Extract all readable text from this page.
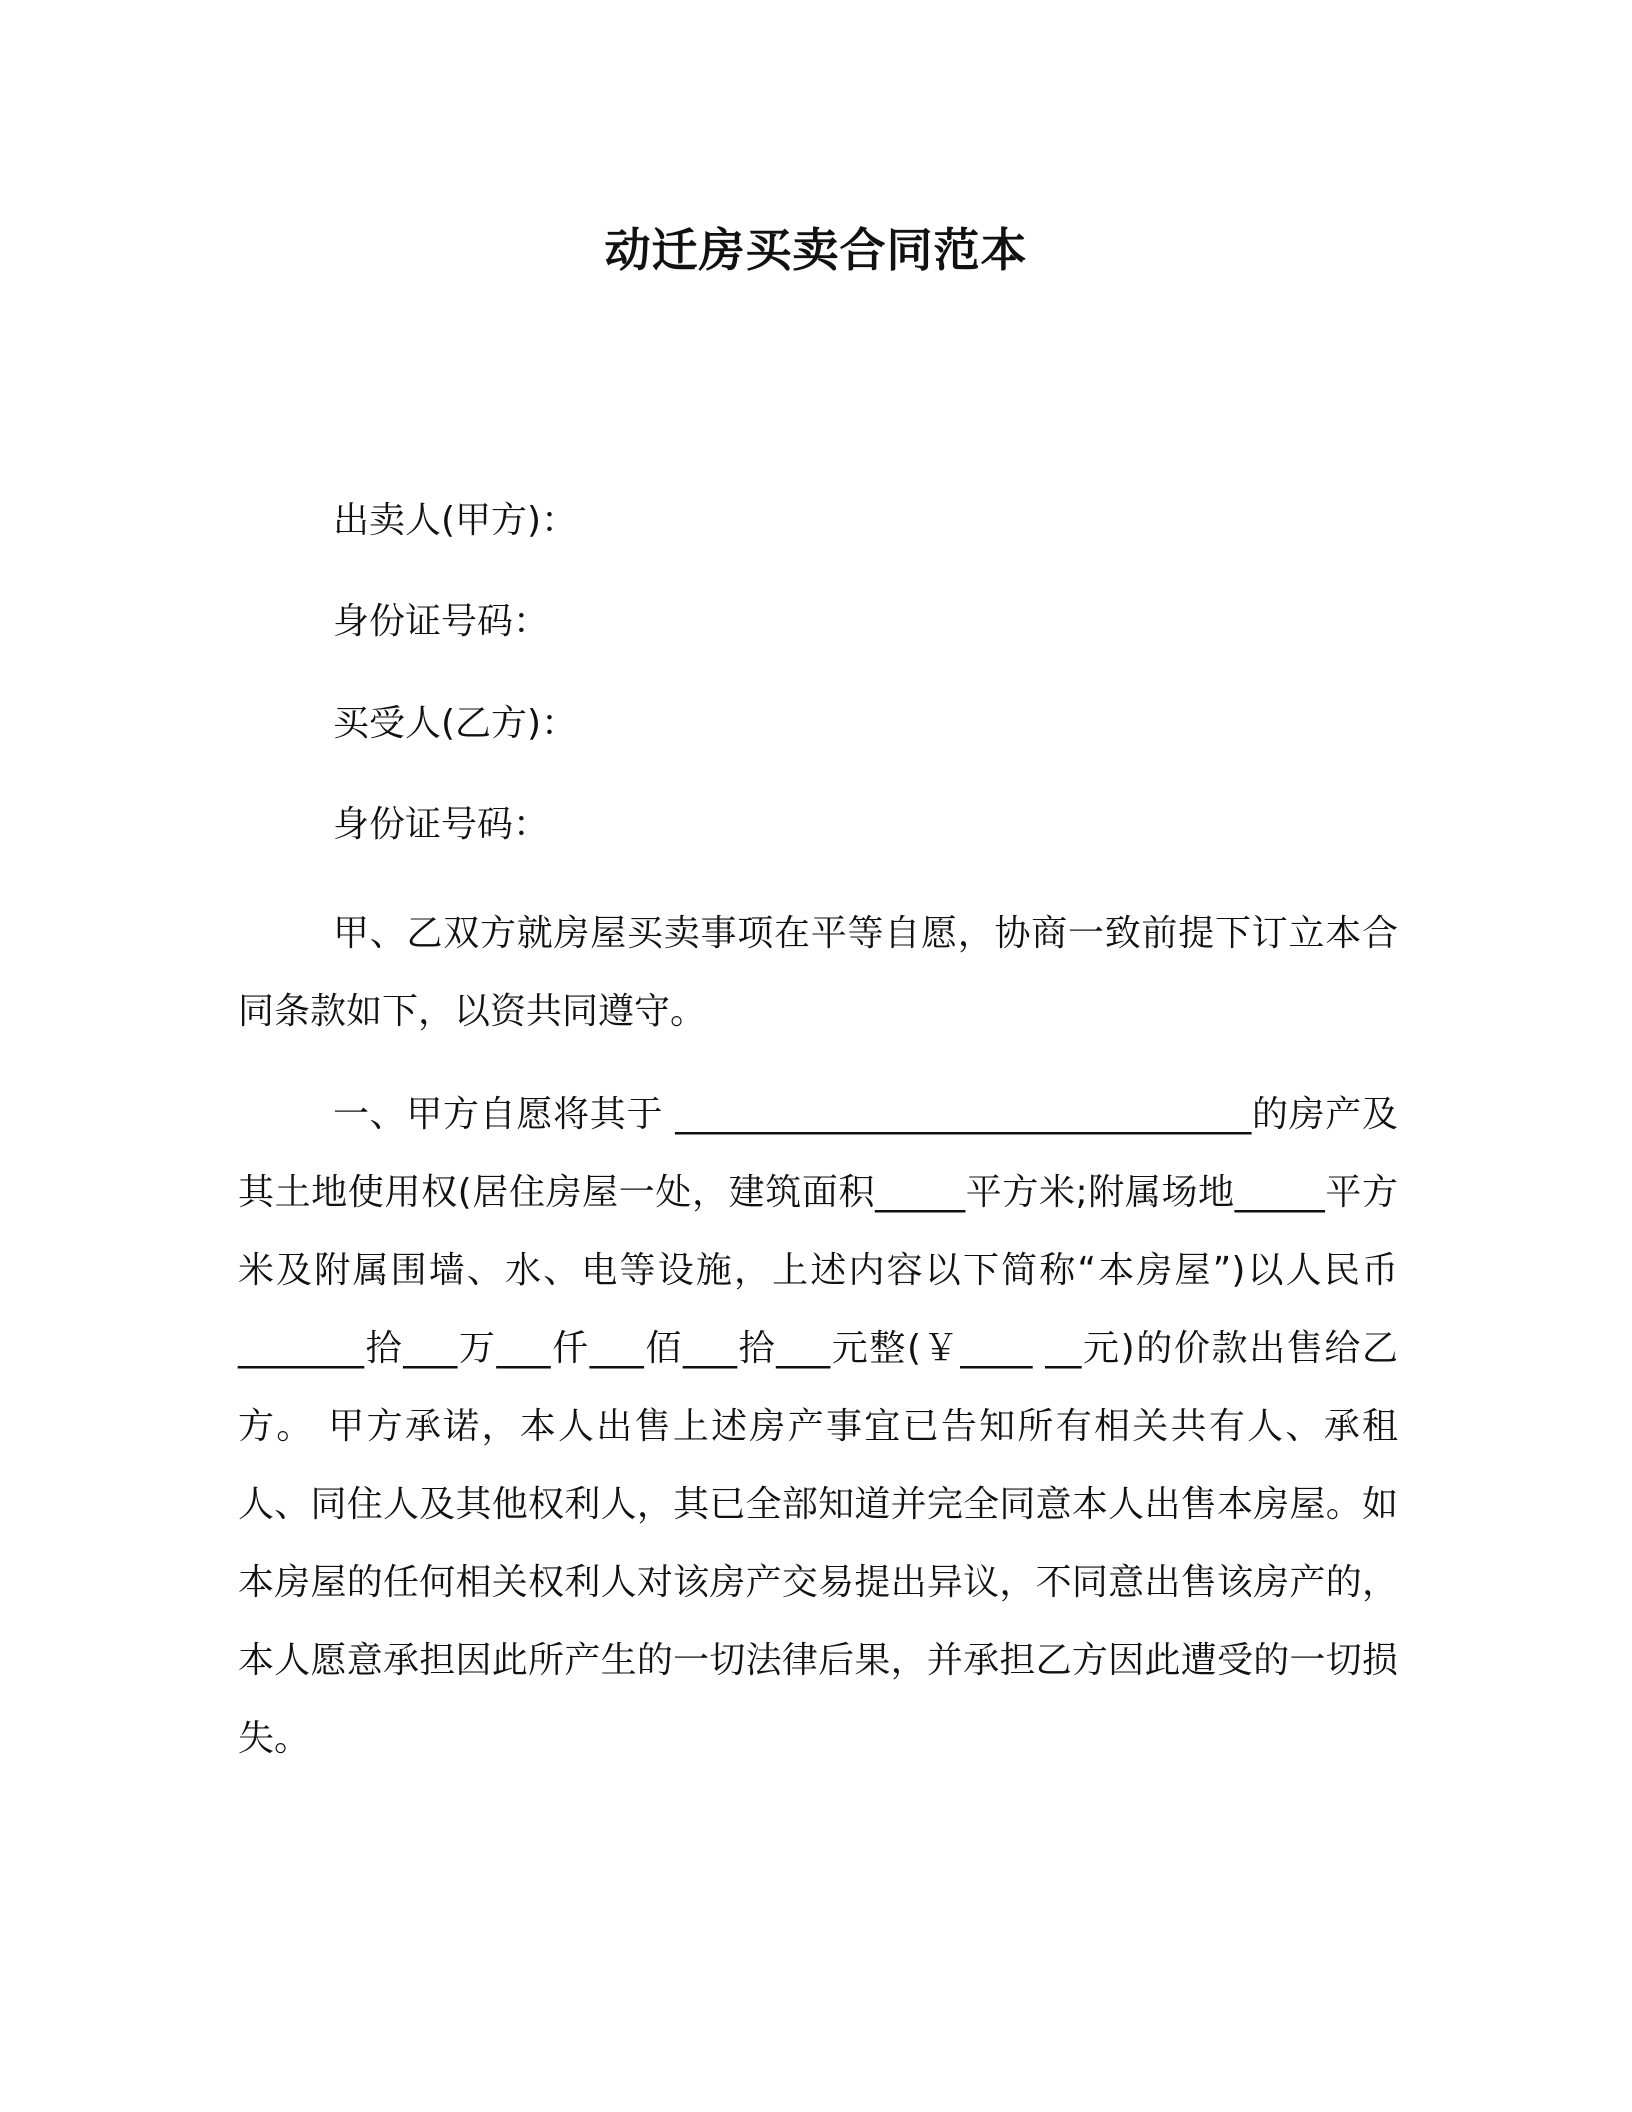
动迁房买卖合同范本
出卖人(甲方)：
身份证号码：
买受人(乙方)：
身份证号码：

甲、乙双方就房屋买卖事项在平等自愿，协商一致前提下订立本合同条款如下，以资共同遵守。

一、甲方自愿将其于 ________________________________的房产及其土地使用权(居住房屋一处，建筑面积_____平方米;附属场地_____平方米及附属围墙、水、电等设施，上述内容以下简称“本房屋”)以人民币_______拾___万___仟___佰___拾___元整(￥____ __元)的价款出售给乙方。 甲方承诺，本人出售上述房产事宜已告知所有相关共有人、承租人、同住人及其他权利人，其已全部知道并完全同意本人出售本房屋。如本房屋的任何相关权利人对该房产交易提出异议，不同意出售该房产的，本人愿意承担因此所产生的一切法律后果，并承担乙方因此遭受的一切损失。
